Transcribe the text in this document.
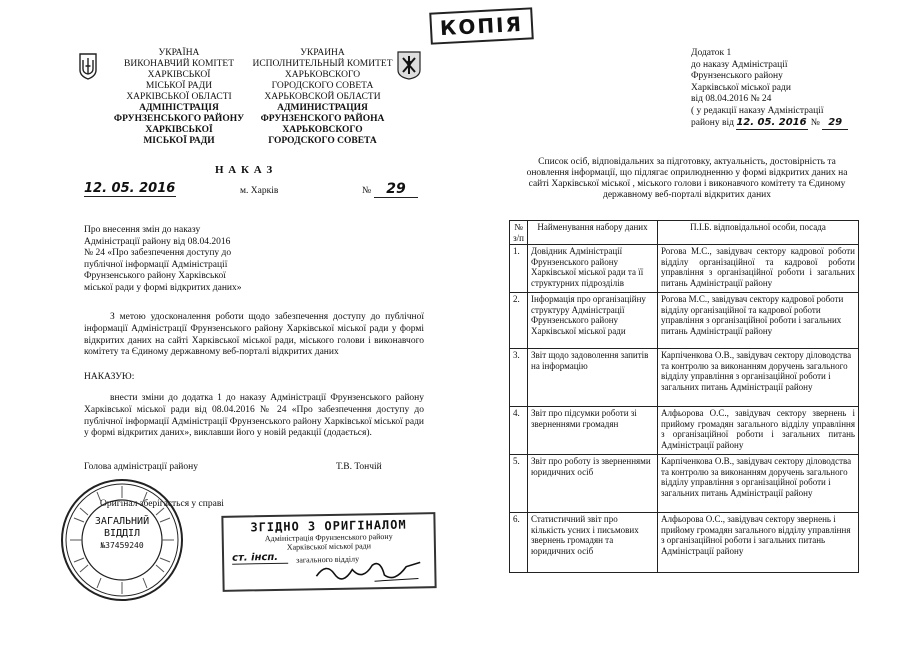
КОПІЯ
УКРАЇНА
ВИКОНАВЧИЙ КОМІТЕТ
ХАРКІВСЬКОЇ
МІСЬКОЇ РАДИ
ХАРКІВСЬКОЇ ОБЛАСТІ
АДМІНІСТРАЦІЯ
ФРУНЗЕНСЬКОГО РАЙОНУ
ХАРКІВСЬКОЇ
МІСЬКОЇ РАДИ
УКРАИНА
ИСПОЛНИТЕЛЬНЫЙ КОМИТЕТ
ХАРЬКОВСКОГО
ГОРОДСКОГО СОВЕТА
ХАРЬКОВСКОЙ ОБЛАСТИ
АДМИНИСТРАЦИЯ
ФРУНЗЕНСКОГО РАЙОНА
ХАРЬКОВСКОГО
ГОРОДСКОГО СОВЕТА
Н А К А З
12. 05. 2016	м. Харків	№	29
Про внесення змін до наказу
Адміністрації району від 08.04.2016
№ 24 «Про забезпечення доступу до
публічної інформації Адміністрації
Фрунзенського району Харківської
міської ради у формі відкритих даних»
З метою удосконалення роботи щодо забезпечення доступу до публічної інформації Адміністрації Фрунзенського району Харківської міської ради у формі відкритих даних на сайті Харківської міської ради, міського голови і виконавчого комітету та Єдиному державному веб-порталі відкритих даних
НАКАЗУЮ:
внести зміни до додатка 1 до наказу Адміністрації Фрунзенського району Харківської міської ради від 08.04.2016 № 24 «Про забезпечення доступу до публічної інформації Адміністрації Фрунзенського району Харківської міської ради у формі відкритих даних», виклавши його у новій редакції (додається).
Голова адміністрації району	Т.В. Тончій
Оригінал зберігається у справі
ЗАГАЛЬНИЙ
ВІДДІЛ
№37459240
ЗГІДНО З ОРИГІНАЛОМ
Адміністрація Фрунзенського району
Харківської міської ради
ст. інсп.	загального відділу
Додаток 1
до наказу Адміністрації
Фрунзенського району
Харківської міської ради
від 08.04.2016 № 24
( у редакції наказу Адміністрації
району від 12. 05. 2016 № 29
Список осіб, відповідальних за підготовку, актуальність, достовірність та оновлення інформації, що підлягає оприлюдненню у формі відкритих даних на сайті Харківської міської , міського голови і виконавчого комітету та Єдиному державному веб-порталі відкритих даних
№ з/п	Найменування набору даних	П.І.Б. відповідальної особи, посада
1.	Довідник Адміністрації Фрунзенського району Харківської міської ради та її структурних підрозділів	Рогова М.С., завідувач сектору кадрової роботи відділу організаційної та кадрової роботи управління з організаційної роботи і загальних питань Адміністрації району
2.	Інформація про організаційну структуру Адміністрації Фрунзенського району Харківської міської ради	Рогова М.С., завідувач сектору кадрової роботи відділу організаційної та кадрової роботи управління з організаційної роботи і загальних питань Адміністрації району
3.	Звіт щодо задоволення запитів на інформацію	Карпіченкова О.В., завідувач сектору діловодства та контролю за виконанням доручень загального відділу управління з організаційної роботи і загальних питань Адміністрації району
4.	Звіт про підсумки роботи зі зверненнями громадян	Алфьорова О.С., завідувач сектору звернень і прийому громадян загального відділу управління з організаційної роботи і загальних питань Адміністрації району
5.	Звіт про роботу із зверненнями юридичних осіб	Карпіченкова О.В., завідувач сектору діловодства та контролю за виконанням доручень загального відділу управління з організаційної роботи і загальних питань Адміністрації району
6.	Статистичний звіт про кількість усних і письмових звернень громадян та юридичних осіб	Алфьорова О.С., завідувач сектору звернень і прийому громадян загального відділу управління з організаційної роботи і загальних питань Адміністрації району
